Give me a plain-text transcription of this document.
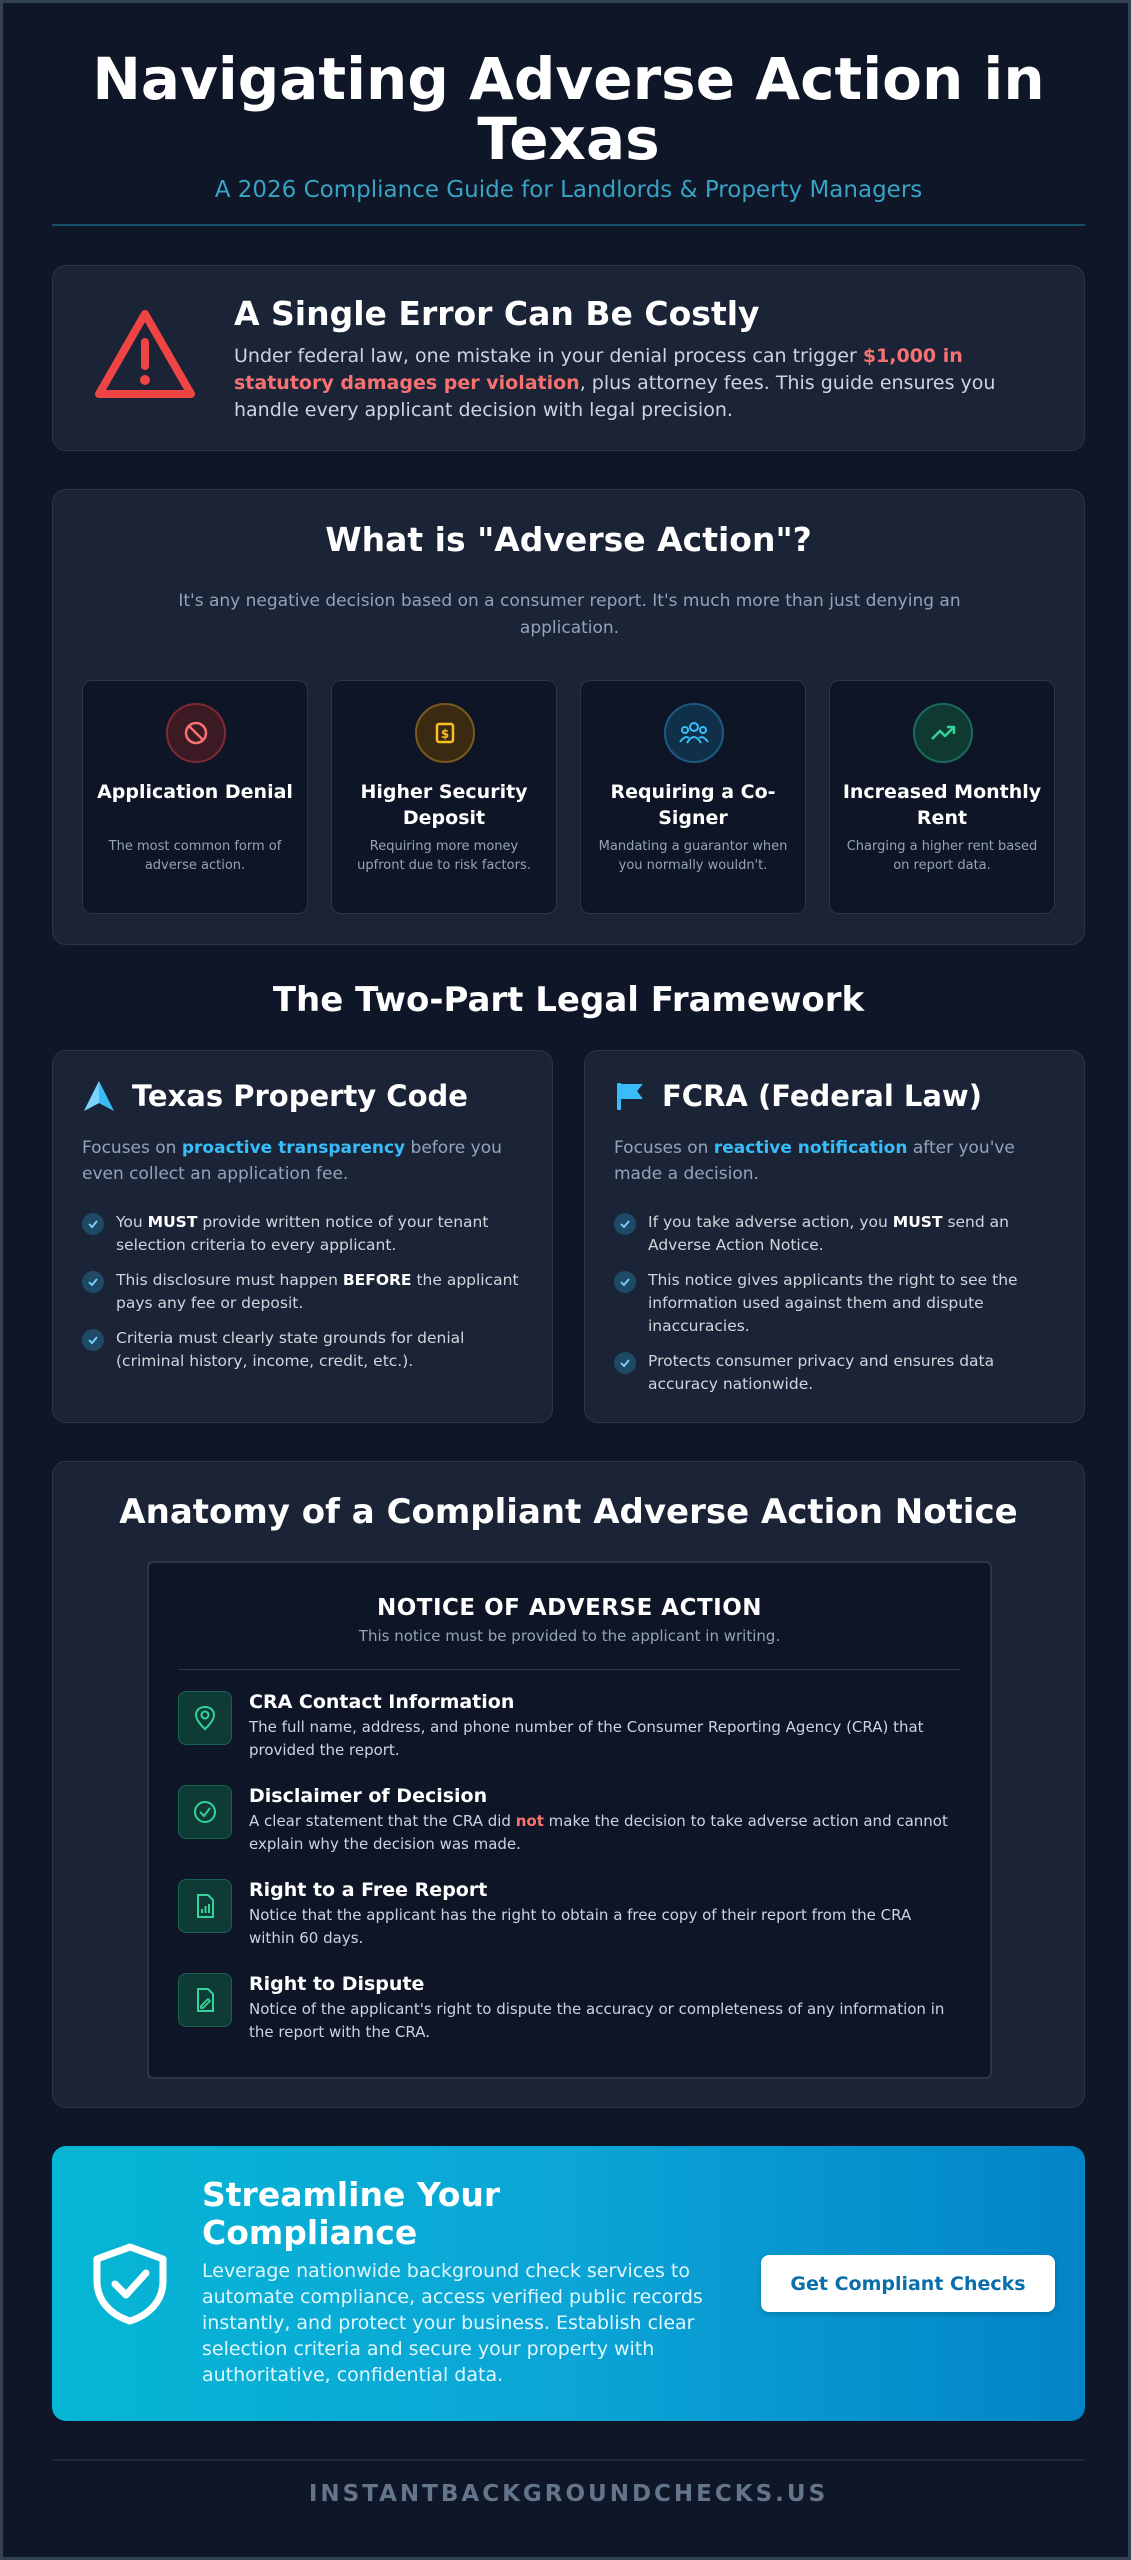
Navigating Adverse Action in Texas
A 2026 Compliance Guide for Landlords & Property Managers
A Single Error Can Be Costly
Under federal law, one mistake in your denial process can trigger $1,000 in statutory damages per violation, plus attorney fees. This guide ensures you handle every applicant decision with legal precision.
What is "Adverse Action"?
It's any negative decision based on a consumer report. It's much more than just denying an application.
Application Denial
The most common form of adverse action.
$
Higher Security Deposit
Requiring more money upfront due to risk factors.
Requiring a Co-Signer
Mandating a guarantor when you normally wouldn't.
Increased Monthly Rent
Charging a higher rent based on report data.
The Two-Part Legal Framework
Texas Property Code
Focuses on proactive transparency before you even collect an application fee.
You MUST provide written notice of your tenant selection criteria to every applicant.
This disclosure must happen BEFORE the applicant pays any fee or deposit.
Criteria must clearly state grounds for denial (criminal history, income, credit, etc.).
FCRA (Federal Law)
Focuses on reactive notification after you've made a decision.
If you take adverse action, you MUST send an Adverse Action Notice.
This notice gives applicants the right to see the information used against them and dispute inaccuracies.
Protects consumer privacy and ensures data accuracy nationwide.
Anatomy of a Compliant Adverse Action Notice
NOTICE OF ADVERSE ACTION
This notice must be provided to the applicant in writing.
CRA Contact Information
The full name, address, and phone number of the Consumer Reporting Agency (CRA) that provided the report.
Disclaimer of Decision
A clear statement that the CRA did not make the decision to take adverse action and cannot explain why the decision was made.
Right to a Free Report
Notice that the applicant has the right to obtain a free copy of their report from the CRA within 60 days.
Right to Dispute
Notice of the applicant's right to dispute the accuracy or completeness of any information in the report with the CRA.
Streamline Your Compliance
Leverage nationwide background check services to automate compliance, access verified public records instantly, and protect your business. Establish clear selection criteria and secure your property with authoritative, confidential data.
Get Compliant Checks
INSTANTBACKGROUNDCHECKS.US
